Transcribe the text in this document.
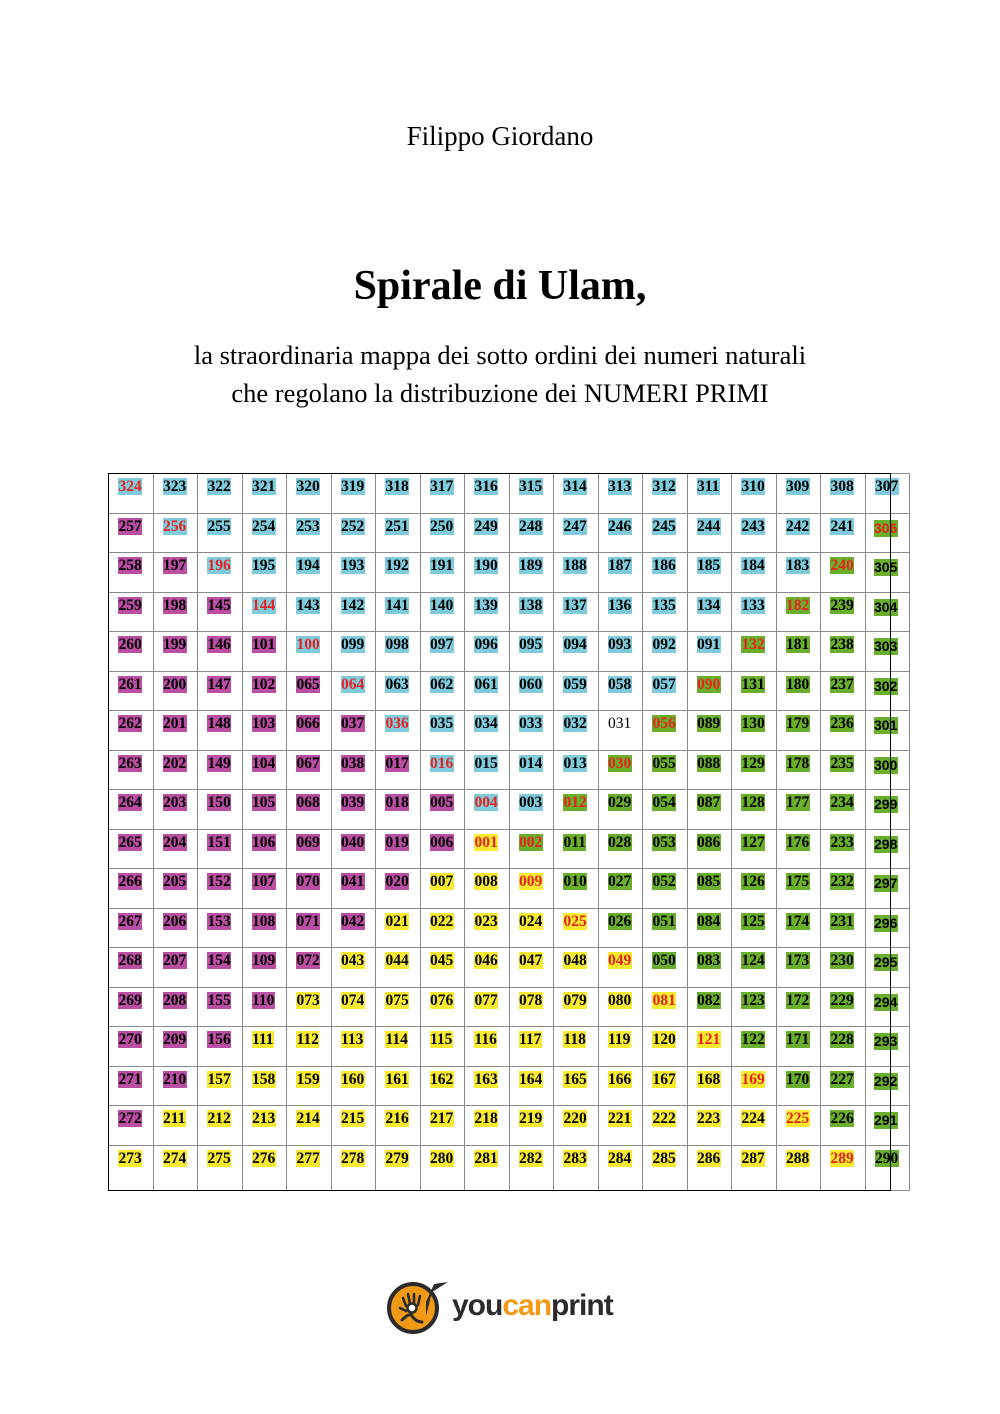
Filippo Giordano
Spirale di Ulam,
la straordinaria mappa dei sotto ordini dei numeri naturali
che regolano la distribuzione dei NUMERI PRIMI
324	323	322	321	320	319	318	317	316	315	314	313	312	311	310	309	308	307
257	256	255	254	253	252	251	250	249	248	247	246	245	244	243	242	241	306
258	197	196	195	194	193	192	191	190	189	188	187	186	185	184	183	240	305
259	198	145	144	143	142	141	140	139	138	137	136	135	134	133	182	239	304
260	199	146	101	100	099	098	097	096	095	094	093	092	091	132	181	238	303
261	200	147	102	065	064	063	062	061	060	059	058	057	090	131	180	237	302
262	201	148	103	066	037	036	035	034	033	032	031	056	089	130	179	236	301
263	202	149	104	067	038	017	016	015	014	013	030	055	088	129	178	235	300
264	203	150	105	068	039	018	005	004	003	012	029	054	087	128	177	234	299
265	204	151	106	069	040	019	006	001	002	011	028	053	086	127	176	233	298
266	205	152	107	070	041	020	007	008	009	010	027	052	085	126	175	232	297
267	206	153	108	071	042	021	022	023	024	025	026	051	084	125	174	231	296
268	207	154	109	072	043	044	045	046	047	048	049	050	083	124	173	230	295
269	208	155	110	073	074	075	076	077	078	079	080	081	082	123	172	229	294
270	209	156	111	112	113	114	115	116	117	118	119	120	121	122	171	228	293
271	210	157	158	159	160	161	162	163	164	165	166	167	168	169	170	227	292
272	211	212	213	214	215	216	217	218	219	220	221	222	223	224	225	226	291
273	274	275	276	277	278	279	280	281	282	283	284	285	286	287	288	289	290
youcanprint
